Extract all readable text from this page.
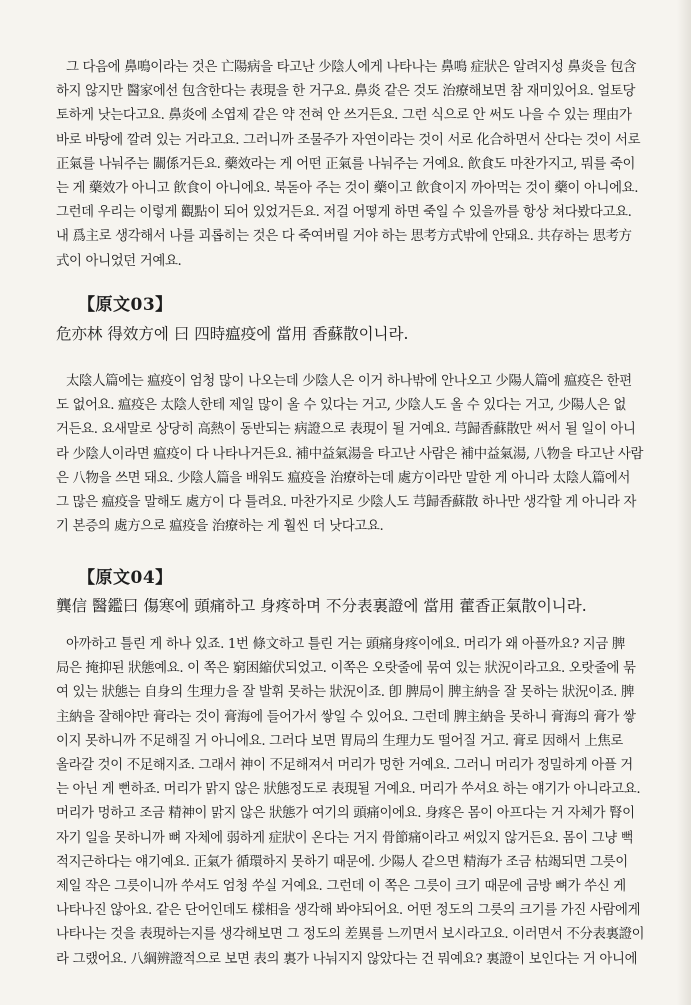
그 다음에 鼻鳴이라는 것은 亡陽病을 타고난 少陰人에게 나타나는 鼻鳴 症狀은 알려지성 鼻炎을 包含
하지 않지만 醫家에선 包含한다는 表現을 한 거구요. 鼻炎 같은 것도 治療해보면 참 재미있어요. 얼토당
토하게 낫는다고요. 鼻炎에 소엽제 같은 약 전혀 안 쓰거든요. 그런 식으로 안 써도 나을 수 있는 理由가
바로 바탕에 깔려 있는 거라고요. 그러니까 조물주가 자연이라는 것이 서로 化合하면서 산다는 것이 서로
正氣를 나눠주는 關係거든요. 藥效라는 게 어떤 正氣를 나눠주는 거예요. 飮食도 마찬가지고, 뭐를 죽이
는 게 藥效가 아니고 飮食이 아니에요. 북돋아 주는 것이 藥이고 飮食이지 까아먹는 것이 藥이 아니에요.
그런데 우리는 이렇게 觀點이 되어 있었거든요. 저걸 어떻게 하면 죽일 수 있을까를 항상 쳐다봤다고요.
내 爲主로 생각해서 나를 괴롭히는 것은 다 죽여버릴 거야 하는 思考方式밖에 안돼요. 共存하는 思考方
式이 아니었던 거예요.
【原文03】
危亦林 得效方에 曰 四時瘟疫에 當用 香蘇散이니라.
太陰人篇에는 瘟疫이 엄청 많이 나오는데 少陰人은 이거 하나밖에 안나오고 少陽人篇에 瘟疫은 한편
도 없어요. 瘟疫은 太陰人한테 제일 많이 올 수 있다는 거고, 少陰人도 올 수 있다는 거고, 少陽人은 없
거든요. 요새말로 상당히 高熱이 동반되는 病證으로 表現이 될 거예요. 芎歸香蘇散만 써서 될 일이 아니
라 少陰人이라면 瘟疫이 다 나타나거든요. 補中益氣湯을 타고난 사람은 補中益氣湯, 八物을 타고난 사람
은 八物을 쓰면 돼요. 少陰人篇을 배워도 瘟疫을 治療하는데 處方이라만 말한 게 아니라 太陰人篇에서
그 많은 瘟疫을 말해도 處方이 다 틀려요. 마찬가지로 少陰人도 芎歸香蘇散 하나만 생각할 게 아니라 자
기 본증의 處方으로 瘟疫을 治療하는 게 훨씬 더 낫다고요.
【原文04】
龔信 醫鑑曰 傷寒에 頭痛하고 身疼하며 不分表裏證에 當用 藿香正氣散이니라.
아까하고 틀린 게 하나 있죠. 1번 條文하고 틀린 거는 頭痛身疼이에요. 머리가 왜 아플까요? 지금 脾
局은 掩抑된 狀態예요. 이 쪽은 窮困縮伏되었고. 이쪽은 오랏줄에 묶여 있는 狀況이라고요. 오랏줄에 묶
여 있는 狀態는 自身의 生理力을 잘 발휘 못하는 狀況이죠. 卽 脾局이 脾主納을 잘 못하는 狀況이죠. 脾
主納을 잘해야만 膏라는 것이 膏海에 들어가서 쌓일 수 있어요. 그런데 脾主納을 못하니 膏海의 膏가 쌓
이지 못하니까 不足해질 거 아니에요. 그러다 보면 胃局의 生理力도 떨어질 거고. 膏로 因해서 上焦로
올라갈 것이 不足해지죠. 그래서 神이 不足해져서 머리가 멍한 거예요. 그러니 머리가 정밀하게 아플 거
는 아닌 게 뻔하죠. 머리가 맑지 않은 狀態정도로 表現될 거예요. 머리가 쑤셔요 하는 얘기가 아니라고요.
머리가 멍하고 조금 精神이 맑지 않은 狀態가 여기의 頭痛이에요. 身疼은 몸이 아프다는 거 자체가 腎이
자기 일을 못하니까 뼈 자체에 弱하게 症狀이 온다는 거지 骨節痛이라고 써있지 않거든요. 몸이 그냥 뻑
적지근하다는 얘기예요. 正氣가 循環하지 못하기 때문에. 少陽人 같으면 精海가 조금 枯竭되면 그릇이
제일 작은 그릇이니까 쑤셔도 엄청 쑤실 거예요. 그런데 이 쪽은 그릇이 크기 때문에 금방 뼈가 쑤신 게
나타나진 않아요. 같은 단어인데도 樣相을 생각해 봐야되어요. 어떤 정도의 그릇의 크기를 가진 사람에게
나타나는 것을 表現하는지를 생각해보면 그 정도의 差異를 느끼면서 보시라고요. 이러면서 不分表裏證이
라 그랬어요. 八綱辨證적으로 보면 表의 裏가 나눠지지 않았다는 건 뭐예요? 裏證이 보인다는 거 아니에
